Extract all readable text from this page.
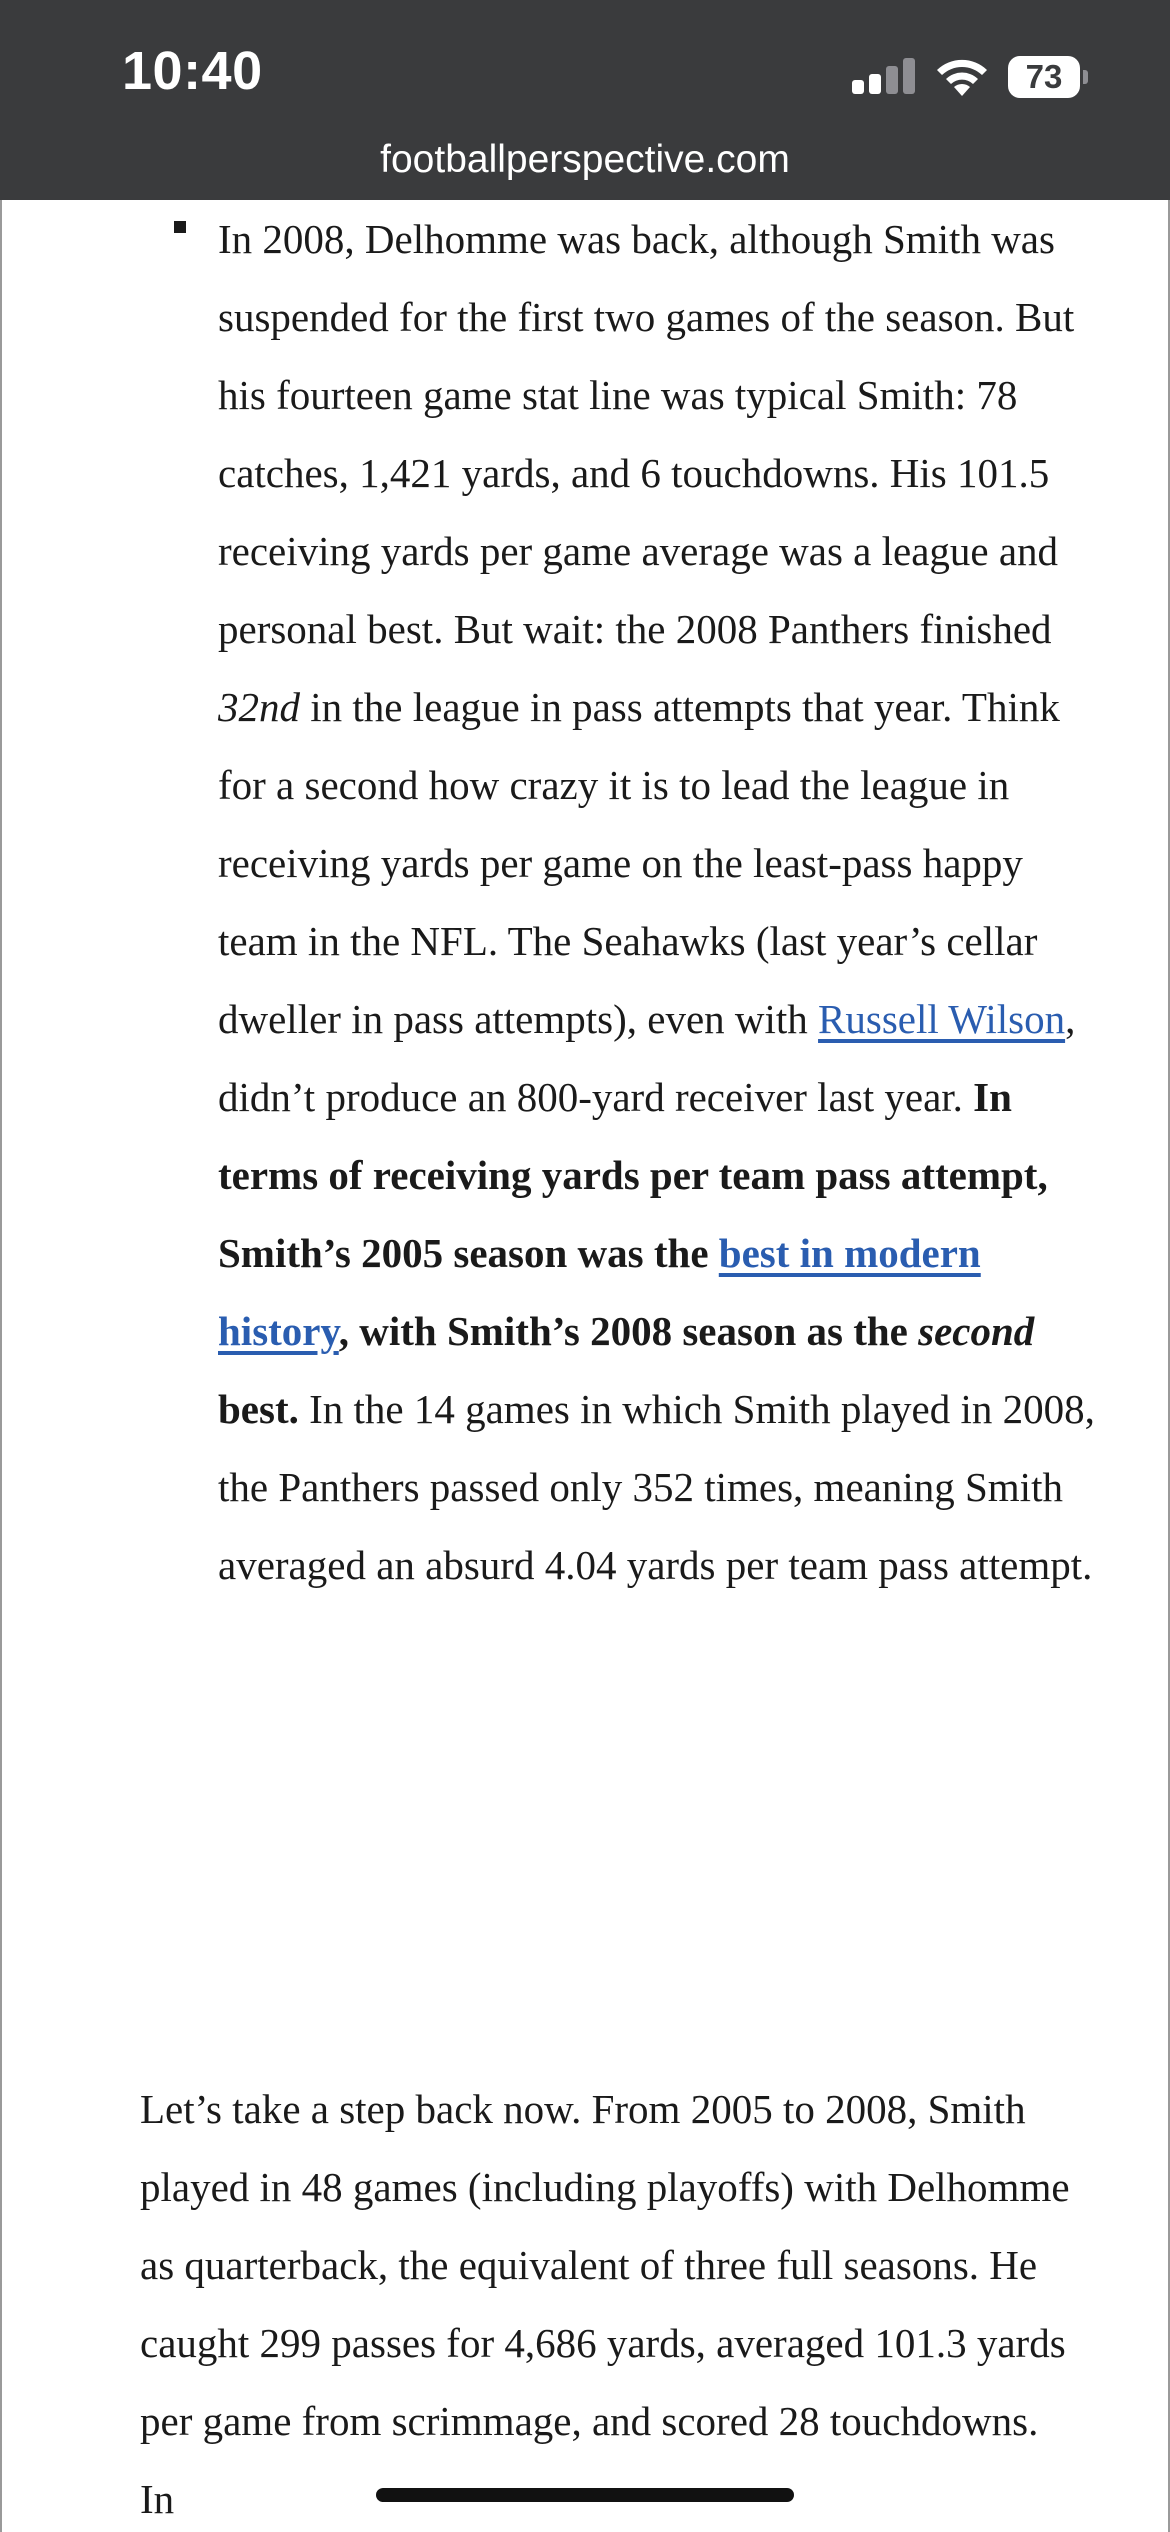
10:40	73
footballperspective.com
In 2008, Delhomme was back, although Smith was suspended for the first two games of the season. But his fourteen game stat line was typical Smith: 78 catches, 1,421 yards, and 6 touchdowns. His 101.5 receiving yards per game average was a league and personal best. But wait: the 2008 Panthers finished 32nd in the league in pass attempts that year. Think for a second how crazy it is to lead the league in receiving yards per game on the least-pass happy team in the NFL. The Seahawks (last year’s cellar dweller in pass attempts), even with Russell Wilson, didn’t produce an 800-yard receiver last year. In terms of receiving yards per team pass attempt, Smith’s 2005 season was the best in modern history, with Smith’s 2008 season as the second best. In the 14 games in which Smith played in 2008, the Panthers passed only 352 times, meaning Smith averaged an absurd 4.04 yards per team pass attempt.

Let’s take a step back now. From 2005 to 2008, Smith played in 48 games (including playoffs) with Delhomme as quarterback, the equivalent of three full seasons. He caught 299 passes for 4,686 yards, averaged 101.3 yards per game from scrimmage, and scored 28 touchdowns. In
